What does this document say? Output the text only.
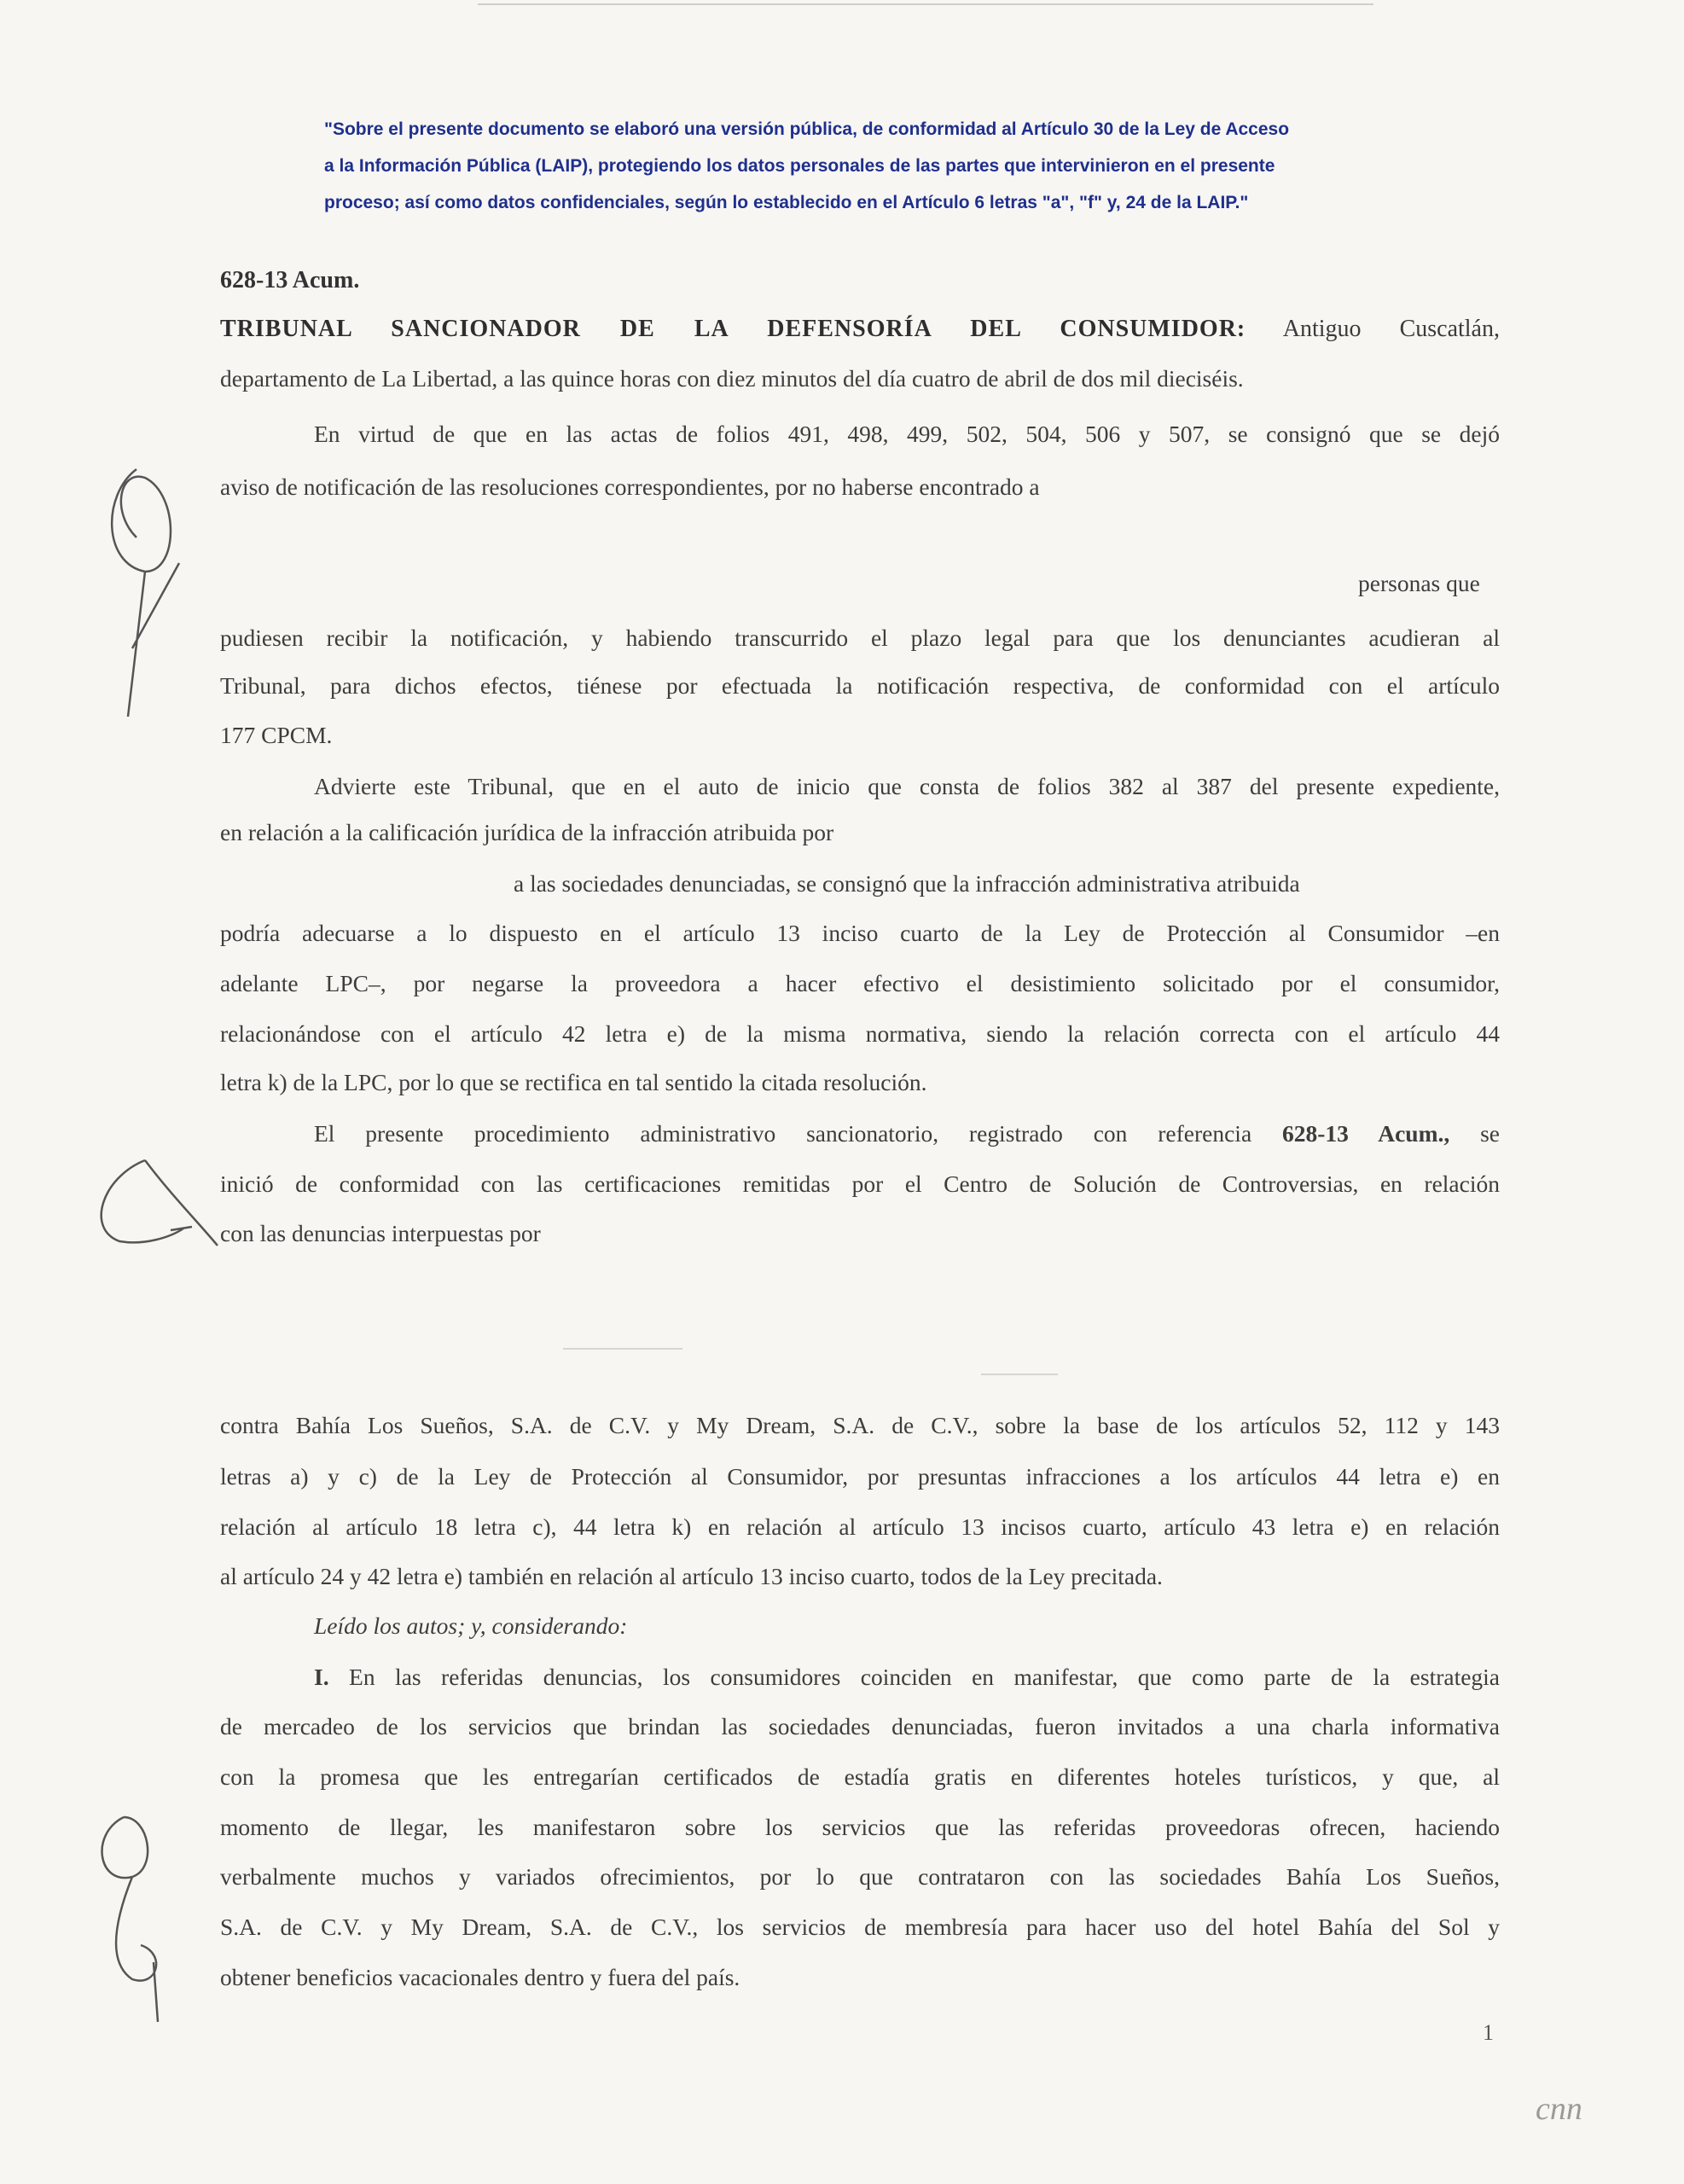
"Sobre el presente documento se elaboró una versión pública, de conformidad al Artículo 30 de la Ley de Acceso
a la Información Pública (LAIP), protegiendo los datos personales de las partes que intervinieron en el presente
proceso; así como datos confidenciales, según lo establecido en el Artículo 6 letras "a", "f" y, 24 de la LAIP."
628-13 Acum.
TRIBUNAL SANCIONADOR DE LA DEFENSORÍA DEL CONSUMIDOR: Antiguo Cuscatlán,
departamento de La Libertad, a las quince horas con diez minutos del día cuatro de abril de dos mil dieciséis.
En virtud de que en las actas de folios 491, 498, 499, 502, 504, 506 y 507, se consignó que se dejó
aviso de notificación de las resoluciones correspondientes, por no haberse encontrado a
personas que
pudiesen recibir la notificación, y habiendo transcurrido el plazo legal para que los denunciantes acudieran al
Tribunal, para dichos efectos, tiénese por efectuada la notificación respectiva, de conformidad con el artículo
177 CPCM.
Advierte este Tribunal, que en el auto de inicio que consta de folios 382 al 387 del presente expediente,
en relación a la calificación jurídica de la infracción atribuida por
a las sociedades denunciadas, se consignó que la infracción administrativa atribuida
podría adecuarse a lo dispuesto en el artículo 13 inciso cuarto de la Ley de Protección al Consumidor –en
adelante LPC–, por negarse la proveedora a hacer efectivo el desistimiento solicitado por el consumidor,
relacionándose con el artículo 42 letra e) de la misma normativa, siendo la relación correcta con el artículo 44
letra k) de la LPC, por lo que se rectifica en tal sentido la citada resolución.
El presente procedimiento administrativo sancionatorio, registrado con referencia 628-13 Acum., se
inició de conformidad con las certificaciones remitidas por el Centro de Solución de Controversias, en relación
con las denuncias interpuestas por
contra Bahía Los Sueños, S.A. de C.V. y My Dream, S.A. de C.V., sobre la base de los artículos 52, 112 y 143
letras a) y c) de la Ley de Protección al Consumidor, por presuntas infracciones a los artículos 44 letra e) en
relación al artículo 18 letra c), 44 letra k) en relación al artículo 13 incisos cuarto, artículo 43 letra e) en relación
al artículo 24 y 42 letra e) también en relación al artículo 13 inciso cuarto, todos de la Ley precitada.
Leído los autos; y, considerando:
I. En las referidas denuncias, los consumidores coinciden en manifestar, que como parte de la estrategia
de mercadeo de los servicios que brindan las sociedades denunciadas, fueron invitados a una charla informativa
con la promesa que les entregarían certificados de estadía gratis en diferentes hoteles turísticos, y que, al
momento de llegar, les manifestaron sobre los servicios que las referidas proveedoras ofrecen, haciendo
verbalmente muchos y variados ofrecimientos, por lo que contrataron con las sociedades Bahía Los Sueños,
S.A. de C.V. y My Dream, S.A. de C.V., los servicios de membresía para hacer uso del hotel Bahía del Sol y
obtener beneficios vacacionales dentro y fuera del país.
1
cnn
